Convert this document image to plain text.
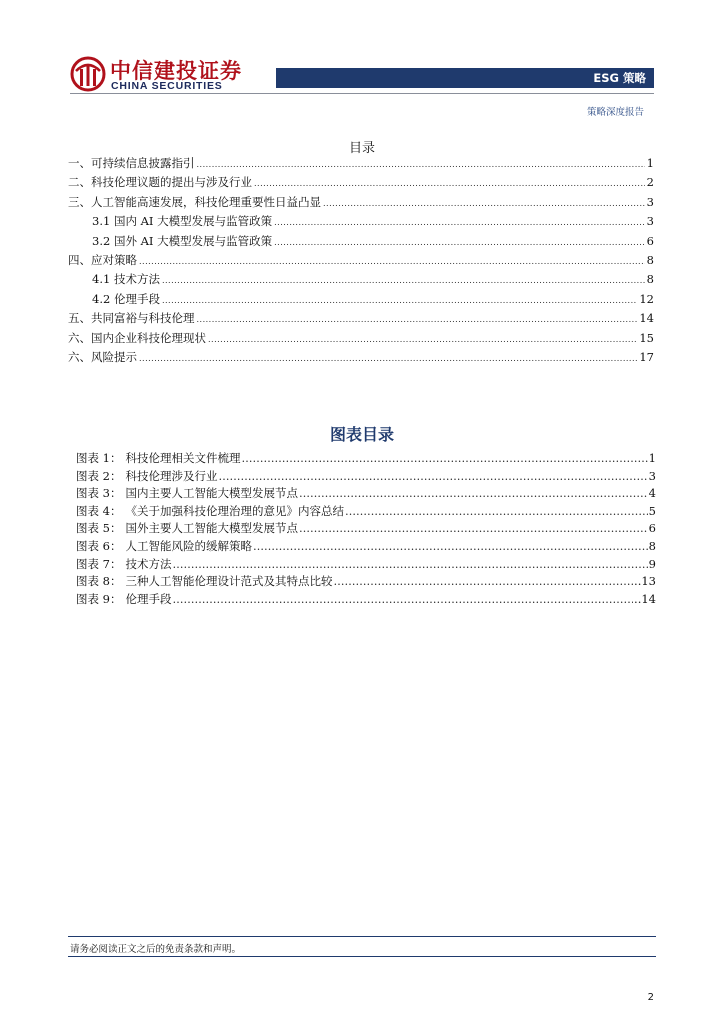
中信建投证券
CHINA SECURITIES
ESG 策略
策略深度报告
目录
一、可持续信息披露指引 .....	1
二、科技伦理议题的提出与涉及行业 .....	2
三、人工智能高速发展，科技伦理重要性日益凸显 .....	3
3.1 国内 AI 大模型发展与监管政策 .....	3
3.2 国外 AI 大模型发展与监管政策 .....	6
四、应对策略 .....	8
4.1 技术方法 .....	8
4.2 伦理手段 .....	12
五、共同富裕与科技伦理 .....	14
六、国内企业科技伦理现状 .....	15
六、风险提示 .....	17
图表目录
图表 1： 科技伦理相关文件梳理 ……………………………………………………………………………………………………………………………………………………………………	1
图表 2： 科技伦理涉及行业 ……………………………………………………………………………………………………………………………………………………………………	3
图表 3： 国内主要人工智能大模型发展节点 ……………………………………………………………………………………………………………………………………………………………………	4
图表 4： 《关于加强科技伦理治理的意见》内容总结 ……………………………………………………………………………………………………………………………………………………………………	5
图表 5： 国外主要人工智能大模型发展节点 ……………………………………………………………………………………………………………………………………………………………………	6
图表 6： 人工智能风险的缓解策略 ……………………………………………………………………………………………………………………………………………………………………	8
图表 7： 技术方法 ……………………………………………………………………………………………………………………………………………………………………	9
图表 8： 三种人工智能伦理设计范式及其特点比较 ……………………………………………………………………………………………………………………………………………………………………	..13
图表 9： 伦理手段 ……………………………………………………………………………………………………………………………………………………………………	..14
请务必阅读正文之后的免责条款和声明。
2
